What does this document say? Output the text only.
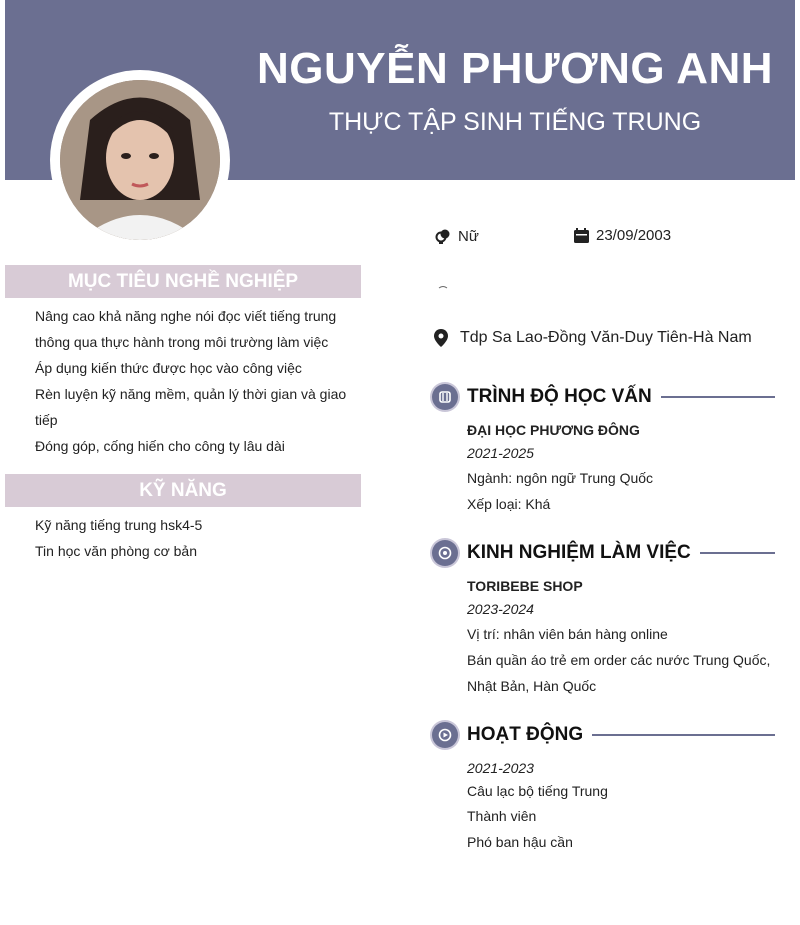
NGUYỄN PHƯƠNG ANH
THỰC TẬP SINH TIẾNG TRUNG
Nữ	23/09/2003
Tdp Sa Lao-Đồng Văn-Duy Tiên-Hà Nam
MỤC TIÊU NGHỀ NGHIỆP
Nâng cao khả năng nghe nói đọc viết tiếng trung
thông qua thực hành trong môi trường làm việc
Áp dụng kiến thức được học vào công việc
Rèn luyện kỹ năng mềm, quản lý thời gian và giao
tiếp
Đóng góp, cống hiến cho công ty lâu dài
KỸ NĂNG
Kỹ năng tiếng trung hsk4-5
Tin học văn phòng cơ bản
TRÌNH ĐỘ HỌC VẤN
ĐẠI HỌC PHƯƠNG ĐÔNG
2021-2025
Ngành: ngôn ngữ Trung Quốc
Xếp loại: Khá
KINH NGHIỆM LÀM VIỆC
TORIBEBE SHOP
2023-2024
Vị trí: nhân viên bán hàng online
Bán quần áo trẻ em order các nước Trung Quốc,
Nhật Bản, Hàn Quốc
HOẠT ĐỘNG
2021-2023
Câu lạc bộ tiếng Trung
Thành viên
Phó ban hậu cần
